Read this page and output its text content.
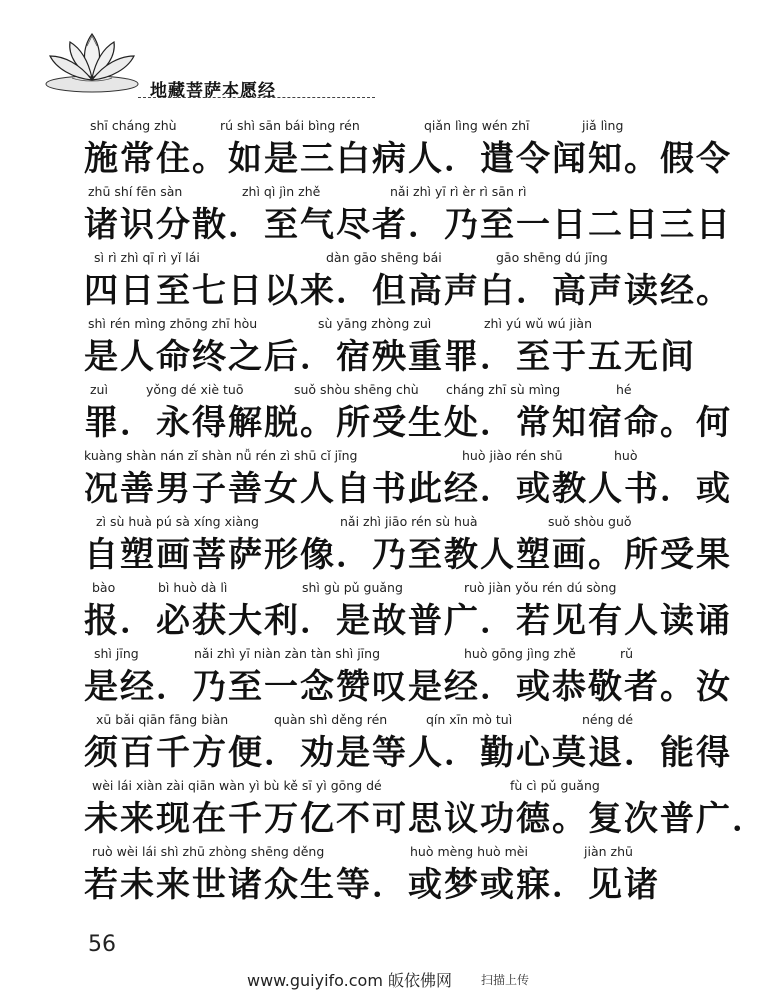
地藏菩萨本愿经
shī cháng zhù	rú shì sān bái bìng rén	qiǎn lìng wén zhī	jiǎ lìng
施常住。如是三白病人．遣令闻知。假令
zhū shí fēn sàn	zhì qì jìn zhě	nǎi zhì yī rì èr rì sān rì
诸识分散．至气尽者．乃至一日二日三日
sì rì zhì qī rì yǐ lái	dàn gāo shēng bái	gāo shēng dú jīng
四日至七日以来．但高声白．高声读经。
shì rén mìng zhōng zhī hòu	sù yāng zhòng zuì	zhì yú wǔ wú jiàn
是人命终之后．宿殃重罪．至于五无间
zuì	yǒng dé xiè tuō	suǒ shòu shēng chù cháng zhī sù mìng	hé
罪．永得解脱。所受生处．常知宿命。何
kuàng shàn nán zǐ shàn nǚ rén zì shū cǐ jīng	huò jiào rén shū	huò
况善男子善女人自书此经．或教人书．或
zì sù huà pú sà xíng xiàng	nǎi zhì jiāo rén sù huà	suǒ shòu guǒ
自塑画菩萨形像．乃至教人塑画。所受果
bào	bì huò dà lì	shì gù pǔ guǎng	ruò jiàn yǒu rén dú sòng
报．必获大利．是故普广．若见有人读诵
shì jīng	nǎi zhì yī niàn zàn tàn shì jīng	huò gōng jìng zhě	rǔ
是经．乃至一念赞叹是经．或恭敬者。汝
xū bǎi qiān fāng biàn	quàn shì děng rén	qín xīn mò tuì	néng dé
须百千方便．劝是等人．勤心莫退．能得
wèi lái xiàn zài qiān wàn yì bù kě sī yì gōng dé	fù cì pǔ guǎng
未来现在千万亿不可思议功德。复次普广．
ruò wèi lái shì zhū zhòng shēng děng	huò mèng huò mèi	jiàn zhū
若未来世诸众生等．或梦或寐．见诸
56
www.guiyifo.com 皈依佛网 扫描上传
